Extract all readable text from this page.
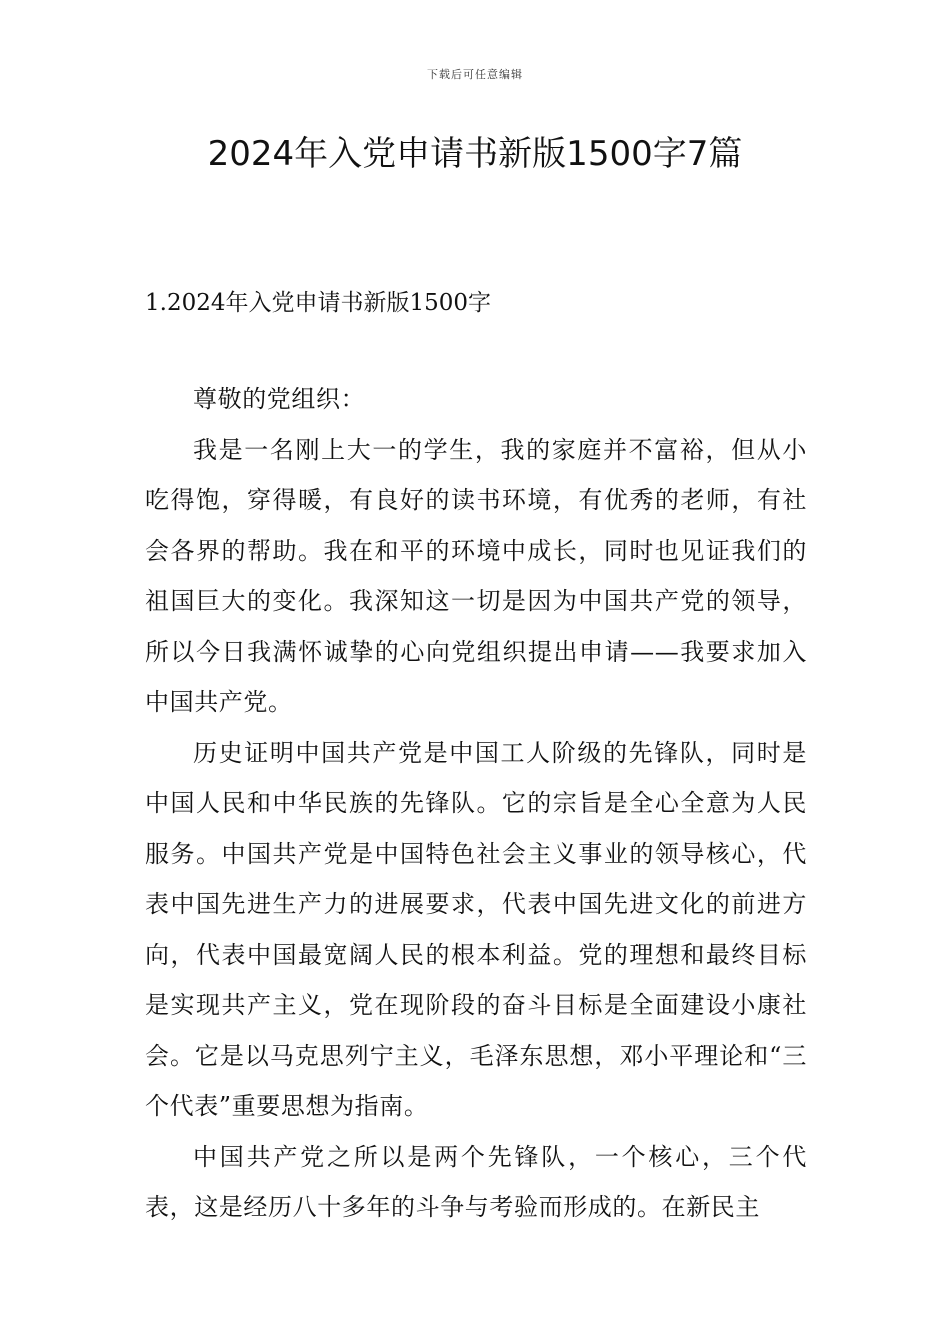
下载后可任意编辑
2024年入党申请书新版1500字7篇
1.2024年入党申请书新版1500字

尊敬的党组织：

我是一名刚上大一的学生，我的家庭并不富裕，但从小吃得饱，穿得暖，有良好的读书环境，有优秀的老师，有社会各界的帮助。我在和平的环境中成长，同时也见证我们的祖国巨大的变化。我深知这一切是因为中国共产党的领导，所以今日我满怀诚挚的心向党组织提出申请——我要求加入中国共产党。

历史证明中国共产党是中国工人阶级的先锋队，同时是中国人民和中华民族的先锋队。它的宗旨是全心全意为人民服务。中国共产党是中国特色社会主义事业的领导核心，代表中国先进生产力的进展要求，代表中国先进文化的前进方向，代表中国最宽阔人民的根本利益。党的理想和最终目标是实现共产主义，党在现阶段的奋斗目标是全面建设小康社会。它是以马克思列宁主义，毛泽东思想，邓小平理论和“三个代表”重要思想为指南。

中国共产党之所以是两个先锋队，一个核心，三个代表，这是经历八十多年的斗争与考验而形成的。在新民主
